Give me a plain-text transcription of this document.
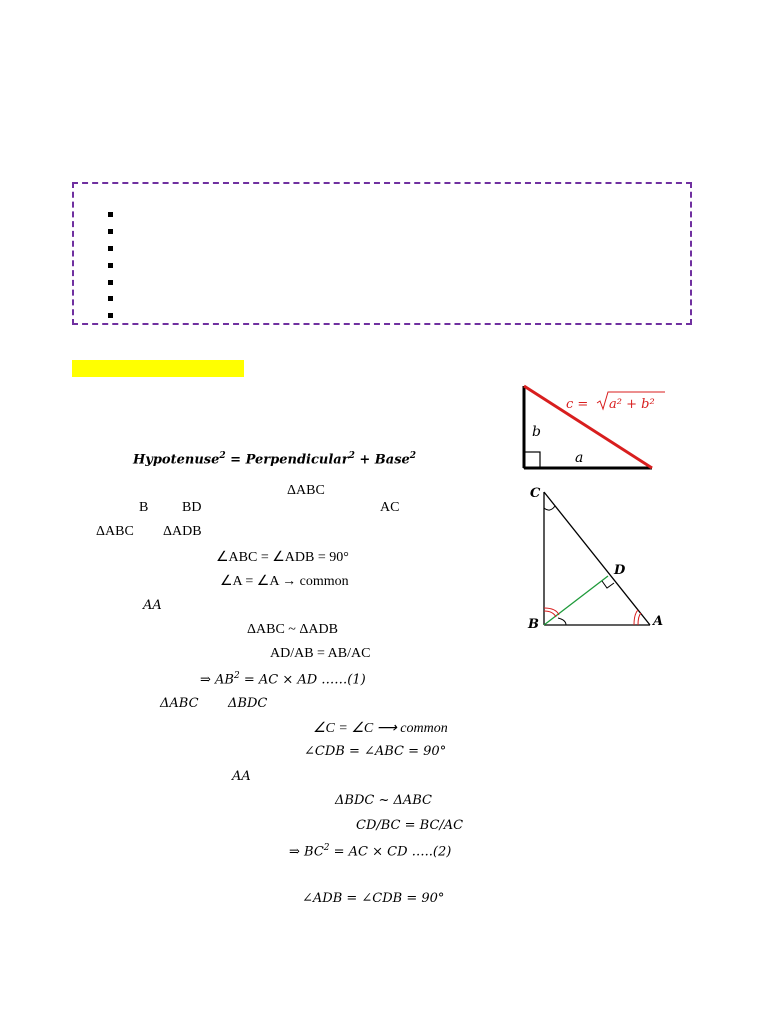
c = a² + b²
b
a
C
D
B	A
Hypotenuse$^2$ = Perpendicular$^2$ + Base$^2$
ΔABC
B BD	AC
ΔABC ΔADB
∠ABC = ∠ADB = 90°
∠A = ∠A → common
AA
ΔABC ~ ΔADB
AD/AB = AB/AC
⇒ $AB^2$ = AC × AD ……(1)
ΔABC ΔBDC
∠C = ∠C ⟶ common
∠CDB = ∠ABC = 90°
AA
ΔBDC ~ ΔABC
CD/BC = BC/AC
⇒ $BC^2$ = AC × CD …..(2)
∠ADB = ∠CDB = 90°
